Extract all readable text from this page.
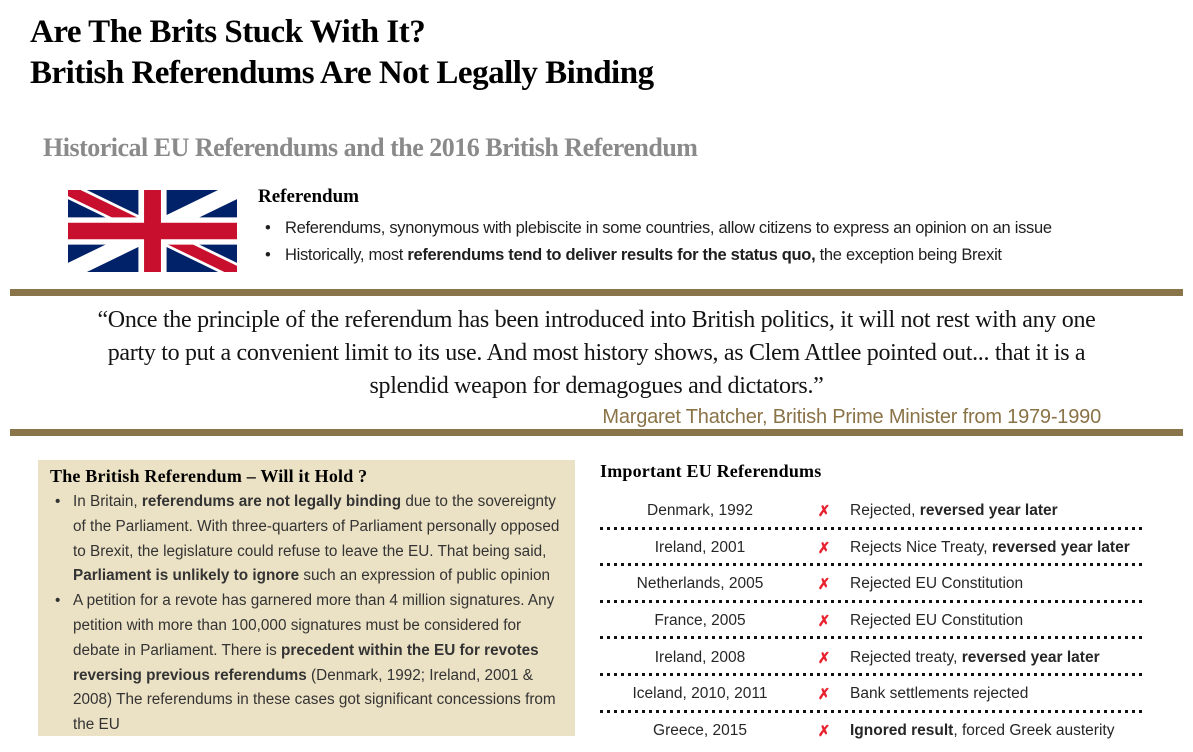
Are The Brits Stuck With It?
British Referendums Are Not Legally Binding
Historical EU Referendums and the 2016 British Referendum
Referendum
• Referendums, synonymous with plebiscite in some countries, allow citizens to express an opinion on an issue
• Historically, most referendums tend to deliver results for the status quo, the exception being Brexit
“Once the principle of the referendum has been introduced into British politics, it will not rest with any one party to put a convenient limit to its use. And most history shows, as Clem Attlee pointed out... that it is a splendid weapon for demagogues and dictators.”
Margaret Thatcher, British Prime Minister from 1979-1990
The British Referendum – Will it Hold ?
• In Britain, referendums are not legally binding due to the sovereignty of the Parliament. With three-quarters of Parliament personally opposed to Brexit, the legislature could refuse to leave the EU. That being said, Parliament is unlikely to ignore such an expression of public opinion
• A petition for a revote has garnered more than 4 million signatures. Any petition with more than 100,000 signatures must be considered for debate in Parliament. There is precedent within the EU for revotes reversing previous referendums (Denmark, 1992; Ireland, 2001 & 2008) The referendums in these cases got significant concessions from the EU
Important EU Referendums
Denmark, 1992	✗	Rejected, reversed year later
Ireland, 2001	✗	Rejects Nice Treaty, reversed year later
Netherlands, 2005	✗	Rejected EU Constitution
France, 2005	✗	Rejected EU Constitution
Ireland, 2008	✗	Rejected treaty, reversed year later
Iceland, 2010, 2011	✗	Bank settlements rejected
Greece, 2015	✗	Ignored result, forced Greek austerity
